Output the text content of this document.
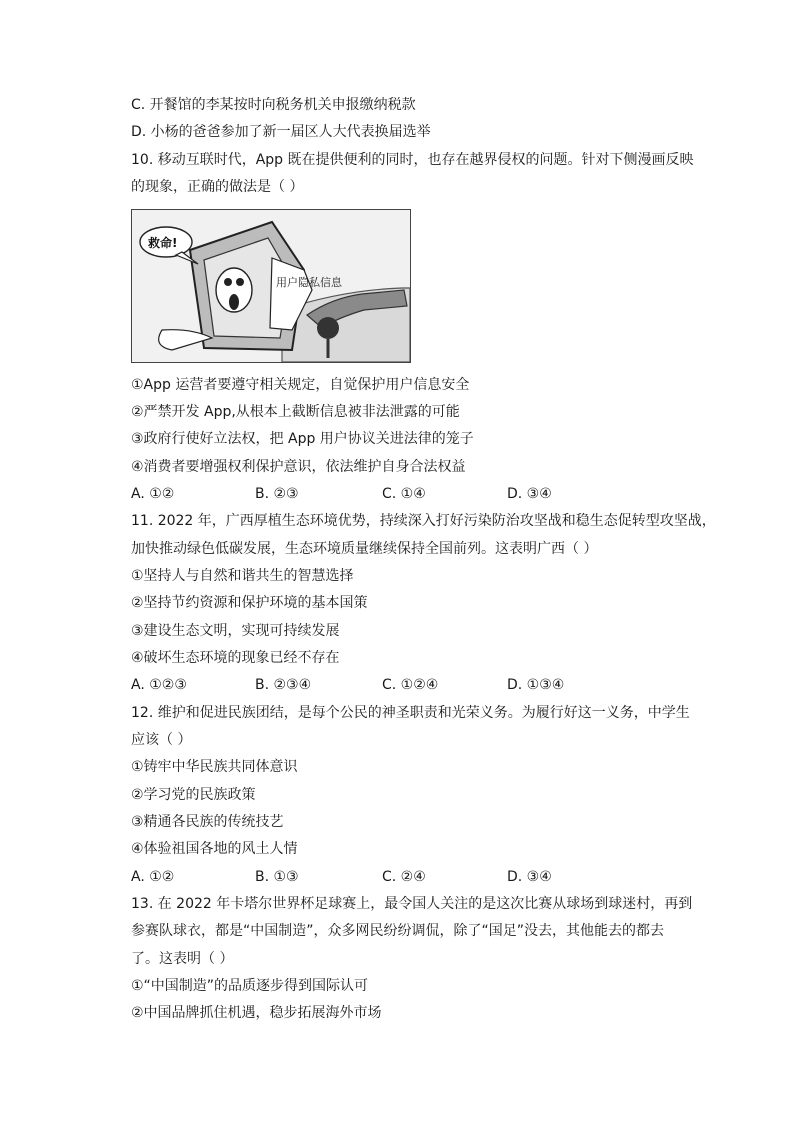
C. 开餐馆的李某按时向税务机关申报缴纳税款
D. 小杨的爸爸参加了新一届区人大代表换届选举
10. 移动互联时代，App 既在提供便利的同时，也存在越界侵权的问题。针对下侧漫画反映
的现象，正确的做法是（ ）
用户隐私信息
救命!
①App 运营者要遵守相关规定，自觉保护用户信息安全
②严禁开发 App,从根本上截断信息被非法泄露的可能
③政府行使好立法权，把 App 用户协议关进法律的笼子
④消费者要增强权利保护意识，依法维护自身合法权益
A. ①②	B. ②③	C. ①④	D. ③④
11. 2022 年，广西厚植生态环境优势，持续深入打好污染防治攻坚战和稳生态促转型攻坚战，
加快推动绿色低碳发展，生态环境质量继续保持全国前列。这表明广西（ ）
①坚持人与自然和谐共生的智慧选择
②坚持节约资源和保护环境的基本国策
③建设生态文明，实现可持续发展
④破坏生态环境的现象已经不存在
A. ①②③	B. ②③④	C. ①②④	D. ①③④
12. 维护和促进民族团结，是每个公民的神圣职责和光荣义务。为履行好这一义务，中学生
应该（ ）
①铸牢中华民族共同体意识
②学习党的民族政策
③精通各民族的传统技艺
④体验祖国各地的风土人情
A. ①②	B. ①③	C. ②④	D. ③④
13. 在 2022 年卡塔尔世界杯足球赛上，最令国人关注的是这次比赛从球场到球迷村，再到
参赛队球衣，都是“中国制造”，众多网民纷纷调侃，除了“国足”没去，其他能去的都去
了。这表明（ ）
①“中国制造”的品质逐步得到国际认可
②中国品牌抓住机遇，稳步拓展海外市场
